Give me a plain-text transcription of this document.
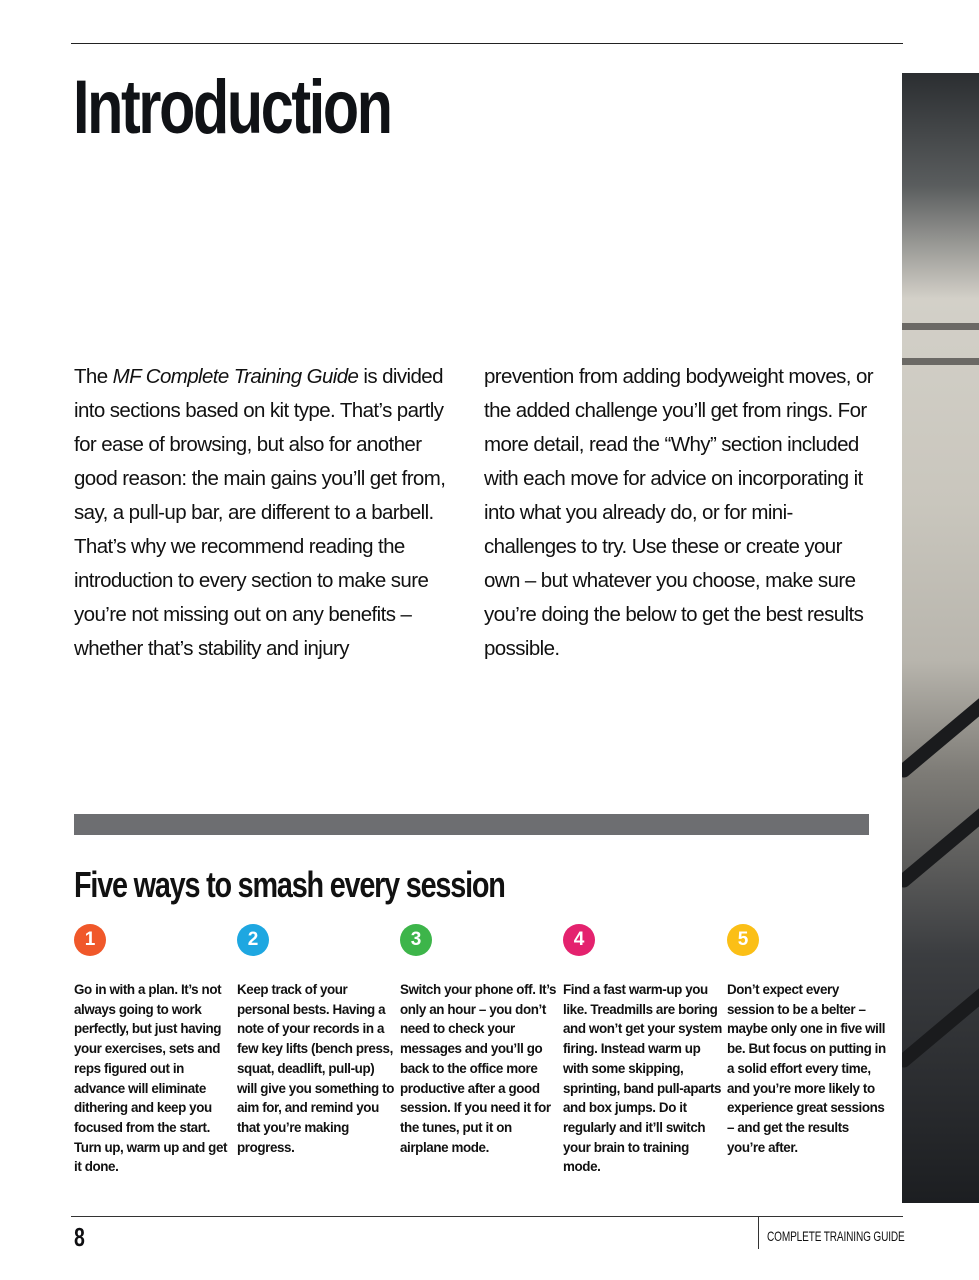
Introduction

The MF Complete Training Guide is divided into sections based on kit type. That’s partly for ease of browsing, but also for another good reason: the main gains you’ll get from, say, a pull-up bar, are different to a barbell. That’s why we recommend reading the introduction to every section to make sure you’re not missing out on any benefits – whether that’s stability and injury

prevention from adding bodyweight moves, or the added challenge you’ll get from rings. For more detail, read the “Why” section included with each move for advice on incorporating it into what you already do, or for mini-challenges to try. Use these or create your own – but whatever you choose, make sure you’re doing the below to get the best results possible.

Five ways to smash every session
1

Go in with a plan. It’s not always going to work perfectly, but just having your exercises, sets and reps figured out in advance will eliminate dithering and keep you focused from the start. Turn up, warm up and get it done.

2

Keep track of your personal bests. Having a note of your records in a few key lifts (bench press, squat, deadlift, pull-up) will give you something to aim for, and remind you that you’re making progress.

3

Switch your phone off. It’s only an hour – you don’t need to check your messages and you’ll go back to the office more productive after a good session. If you need it for the tunes, put it on airplane mode.

4

Find a fast warm-up you like. Treadmills are boring and won’t get your system firing. Instead warm up with some skipping, sprinting, band pull-aparts and box jumps. Do it regularly and it’ll switch your brain to training mode.

5

Don’t expect every session to be a belter – maybe only one in five will be. But focus on putting in a solid effort every time, and you’re more likely to experience great sessions – and get the results you’re after.

8	COMPLETE TRAINING GUIDE
